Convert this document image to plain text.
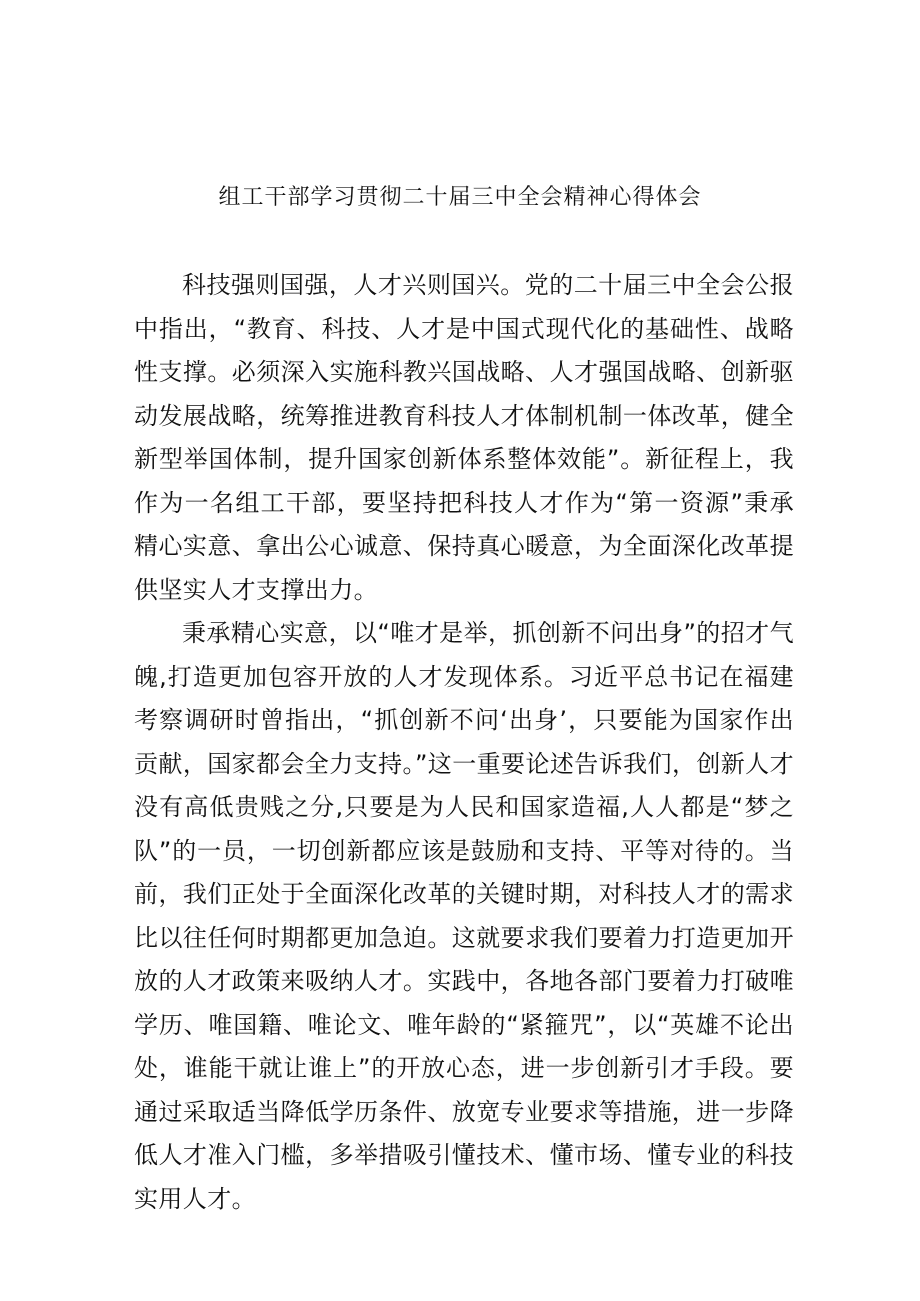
组工干部学习贯彻二十届三中全会精神心得体会

科技强则国强，人才兴则国兴。党的二十届三中全会公报中指出，“教育、科技、人才是中国式现代化的基础性、战略性支撑。必须深入实施科教兴国战略、人才强国战略、创新驱动发展战略，统筹推进教育科技人才体制机制一体改革，健全新型举国体制，提升国家创新体系整体效能”。新征程上，我作为一名组工干部，要坚持把科技人才作为“第一资源”秉承精心实意、拿出公心诚意、保持真心暖意，为全面深化改革提供坚实人才支撑出力。

秉承精心实意，以“唯才是举，抓创新不问出身”的招才气魄,打造更加包容开放的人才发现体系。习近平总书记在福建考察调研时曾指出，“抓创新不问‘出身’，只要能为国家作出贡献，国家都会全力支持。”这一重要论述告诉我们，创新人才没有高低贵贱之分,只要是为人民和国家造福,人人都是“梦之队”的一员，一切创新都应该是鼓励和支持、平等对待的。当前，我们正处于全面深化改革的关键时期，对科技人才的需求比以往任何时期都更加急迫。这就要求我们要着力打造更加开放的人才政策来吸纳人才。实践中，各地各部门要着力打破唯学历、唯国籍、唯论文、唯年龄的“紧箍咒”，以“英雄不论出处，谁能干就让谁上”的开放心态，进一步创新引才手段。要通过采取适当降低学历条件、放宽专业要求等措施，进一步降低人才准入门槛，多举措吸引懂技术、懂市场、懂专业的科技实用人才。
